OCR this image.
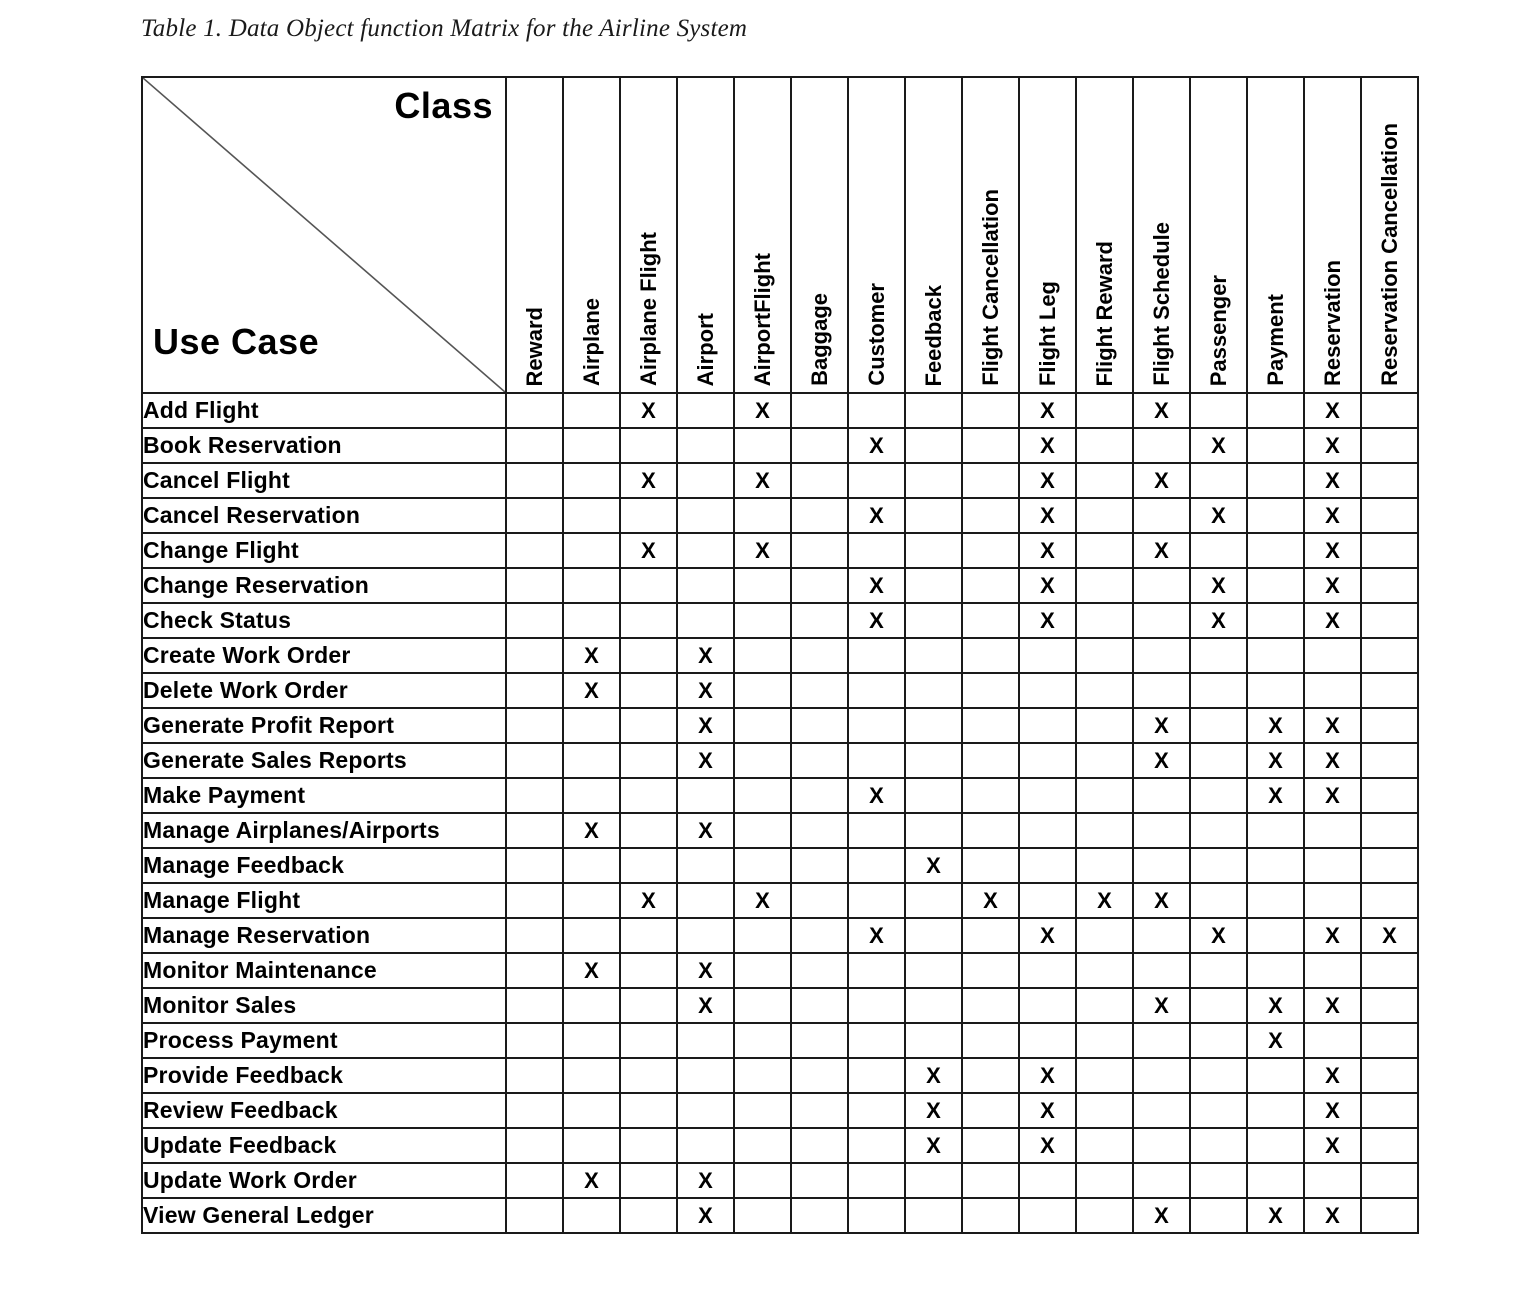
Table 1. Data Object function Matrix for the Airline System
Class
Use Case	Reward	Airplane	Airplane Flight	Airport	AirportFlight	Baggage	Customer	Feedback	Flight Cancellation	Flight Leg	Flight Reward	Flight Schedule	Passenger	Payment	Reservation	Reservation Cancellation

Add Flight			X		X					X		X			X	
Book Reservation							X			X			X		X	
Cancel Flight			X		X					X		X			X	
Cancel Reservation							X			X			X		X	
Change Flight			X		X					X		X			X	
Change Reservation							X			X			X		X	
Check Status							X			X			X		X	
Create Work Order		X		X												
Delete Work Order		X		X												
Generate Profit Report				X								X		X	X	
Generate Sales Reports				X								X		X	X	
Make Payment							X							X	X	
Manage Airplanes/Airports		X		X												
Manage Feedback								X								
Manage Flight			X		X				X		X	X				
Manage Reservation							X			X			X		X	X
Monitor Maintenance		X		X												
Monitor Sales				X								X		X	X	
Process Payment														X		
Provide Feedback								X		X					X	
Review Feedback								X		X					X	
Update Feedback								X		X					X	
Update Work Order		X		X												
View General Ledger				X								X		X	X	
